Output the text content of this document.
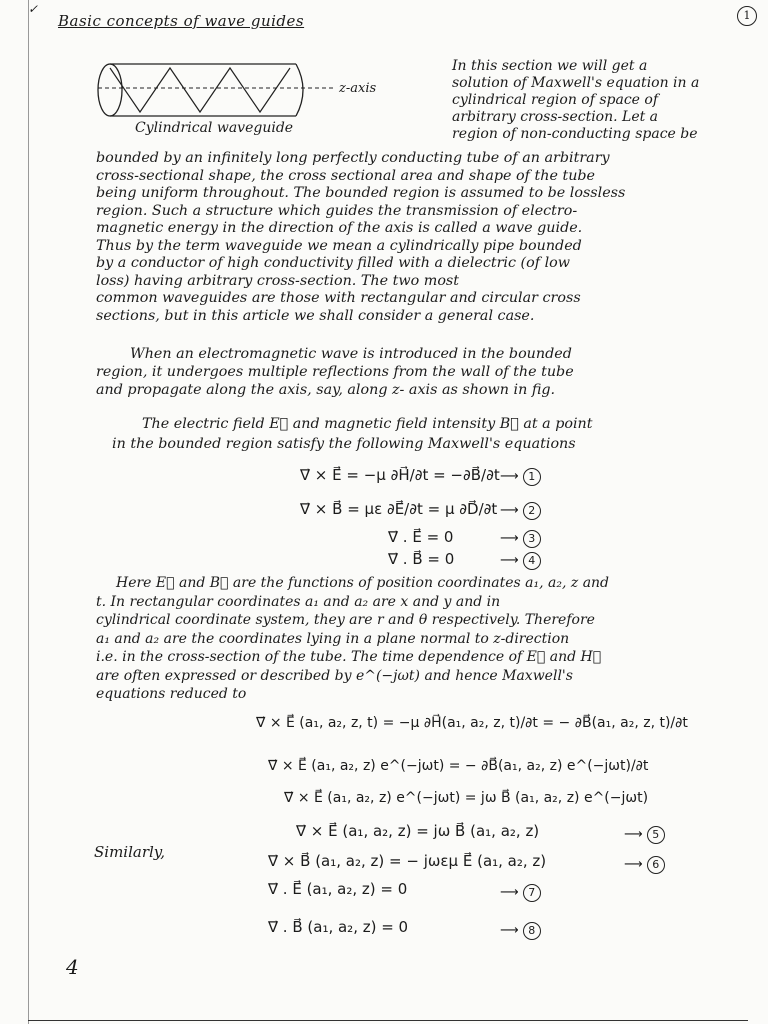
✓
Basic concepts of wave guides	1
z-axis
Cylindrical waveguide
In this section we will get a
solution of Maxwell's equation in a
cylindrical region of space of
arbitrary cross-section. Let a
region of non-conducting space be
bounded by an infinitely long perfectly conducting tube of an arbitrary
cross-sectional shape, the cross sectional area and shape of the tube
being uniform throughout. The bounded region is assumed to be lossless
region. Such a structure which guides the transmission of electro-
magnetic energy in the direction of the axis is called a wave guide.
Thus by the term waveguide we mean a cylindrically pipe bounded
by a conductor of high conductivity filled with a dielectric (of low
loss) having arbitrary cross-section. The two most
common waveguides are those with rectangular and circular cross
sections, but in this article we shall consider a general case.
When an electromagnetic wave is introduced in the bounded
region, it undergoes multiple reflections from the wall of the tube
and propagate along the axis, say, along z- axis as shown in fig.
The electric field E⃗ and magnetic field intensity B⃗ at a point
in the bounded region satisfy the following Maxwell's equations
∇⃗ × E⃗ = −μ ∂H⃗/∂t = −∂B⃗/∂t ⟶ 1
∇⃗ × B⃗ = με ∂E⃗/∂t = μ ∂D⃗/∂t ⟶ 2
∇⃗ . E⃗ = 0	⟶ 3
∇⃗ . B⃗ = 0	⟶ 4
Here E⃗ and B⃗ are the functions of position coordinates a₁, a₂, z and
t. In rectangular coordinates a₁ and a₂ are x and y and in
cylindrical coordinate system, they are r and θ respectively. Therefore
a₁ and a₂ are the coordinates lying in a plane normal to z-direction
i.e. in the cross-section of the tube. The time dependence of E⃗ and H⃗
are often expressed or described by e^(−jωt) and hence Maxwell's
equations reduced to
∇⃗ × E⃗ (a₁, a₂, z, t) = −μ ∂H⃗(a₁, a₂, z, t)/∂t = − ∂B⃗(a₁, a₂, z, t)/∂t
∇⃗ × E⃗ (a₁, a₂, z) e^(−jωt) = − ∂B⃗(a₁, a₂, z) e^(−jωt)/∂t
∇⃗ × E⃗ (a₁, a₂, z) e^(−jωt) = jω B⃗ (a₁, a₂, z) e^(−jωt)
∇⃗ × E⃗ (a₁, a₂, z) = jω B⃗ (a₁, a₂, z)	⟶ 5
Similarly,	∇⃗ × B⃗ (a₁, a₂, z) = − jωεμ E⃗ (a₁, a₂, z)	⟶ 6
∇⃗ . E⃗ (a₁, a₂, z) = 0	⟶ 7
∇⃗ . B⃗ (a₁, a₂, z) = 0	⟶ 8
4
